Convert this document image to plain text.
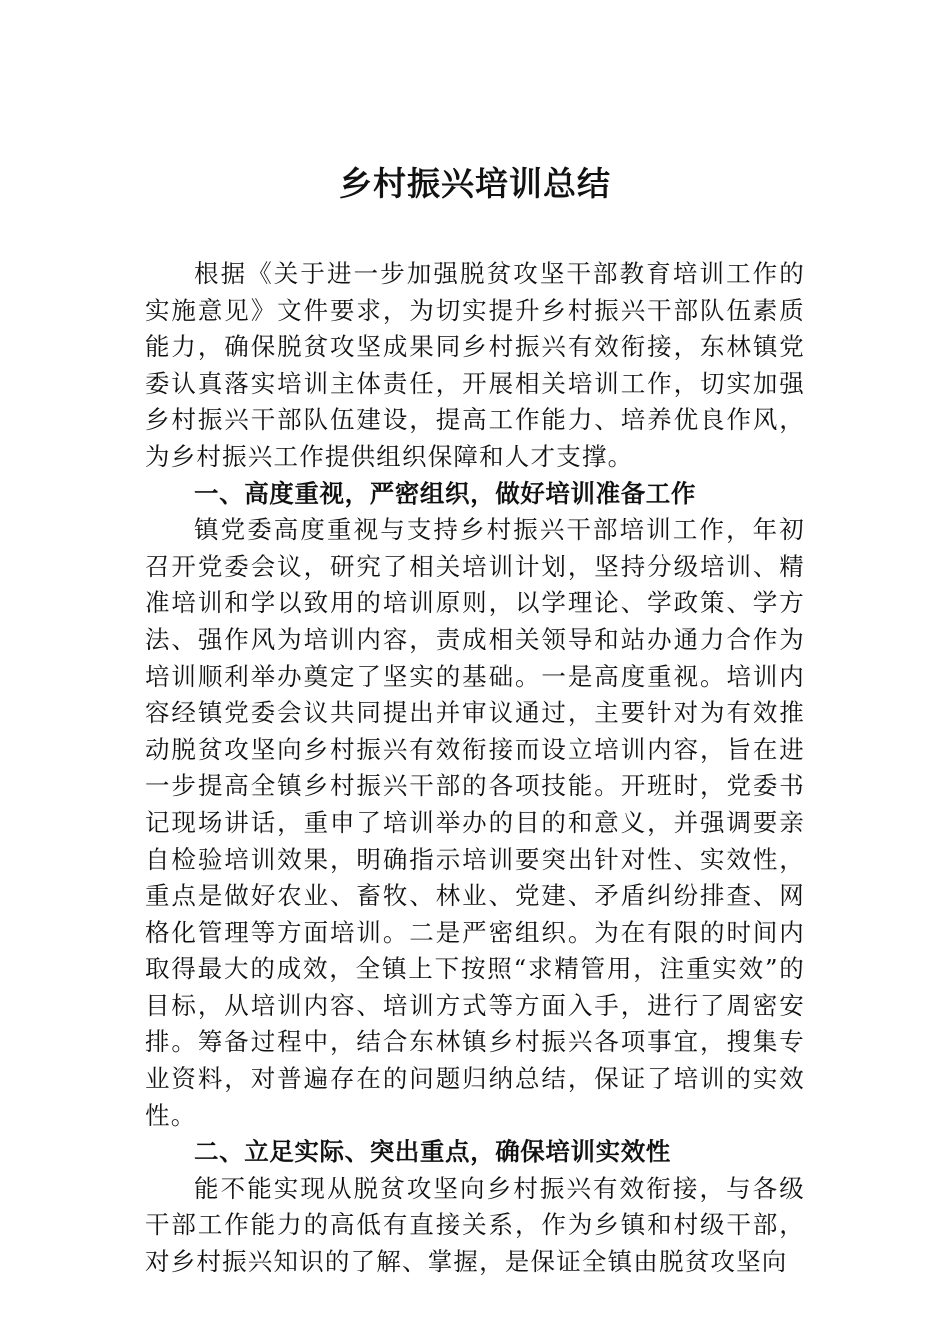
乡村振兴培训总结

根据《关于进一步加强脱贫攻坚干部教育培训工作的实施意见》文件要求，为切实提升乡村振兴干部队伍素质能力，确保脱贫攻坚成果同乡村振兴有效衔接，东林镇党委认真落实培训主体责任，开展相关培训工作，切实加强乡村振兴干部队伍建设，提高工作能力、培养优良作风，为乡村振兴工作提供组织保障和人才支撑。

一、高度重视，严密组织，做好培训准备工作

镇党委高度重视与支持乡村振兴干部培训工作，年初召开党委会议，研究了相关培训计划，坚持分级培训、精准培训和学以致用的培训原则，以学理论、学政策、学方法、强作风为培训内容，责成相关领导和站办通力合作为培训顺利举办奠定了坚实的基础。一是高度重视。培训内容经镇党委会议共同提出并审议通过，主要针对为有效推动脱贫攻坚向乡村振兴有效衔接而设立培训内容，旨在进一步提高全镇乡村振兴干部的各项技能。开班时，党委书记现场讲话，重申了培训举办的目的和意义，并强调要亲自检验培训效果，明确指示培训要突出针对性、实效性，重点是做好农业、畜牧、林业、党建、矛盾纠纷排查、网格化管理等方面培训。二是严密组织。为在有限的时间内取得最大的成效，全镇上下按照“求精管用，注重实效”的目标，从培训内容、培训方式等方面入手，进行了周密安排。筹备过程中，结合东林镇乡村振兴各项事宜，搜集专业资料，对普遍存在的问题归纳总结，保证了培训的实效性。

二、立足实际、突出重点，确保培训实效性

能不能实现从脱贫攻坚向乡村振兴有效衔接，与各级干部工作能力的高低有直接关系，作为乡镇和村级干部，对乡村振兴知识的了解、掌握，是保证全镇由脱贫攻坚向
